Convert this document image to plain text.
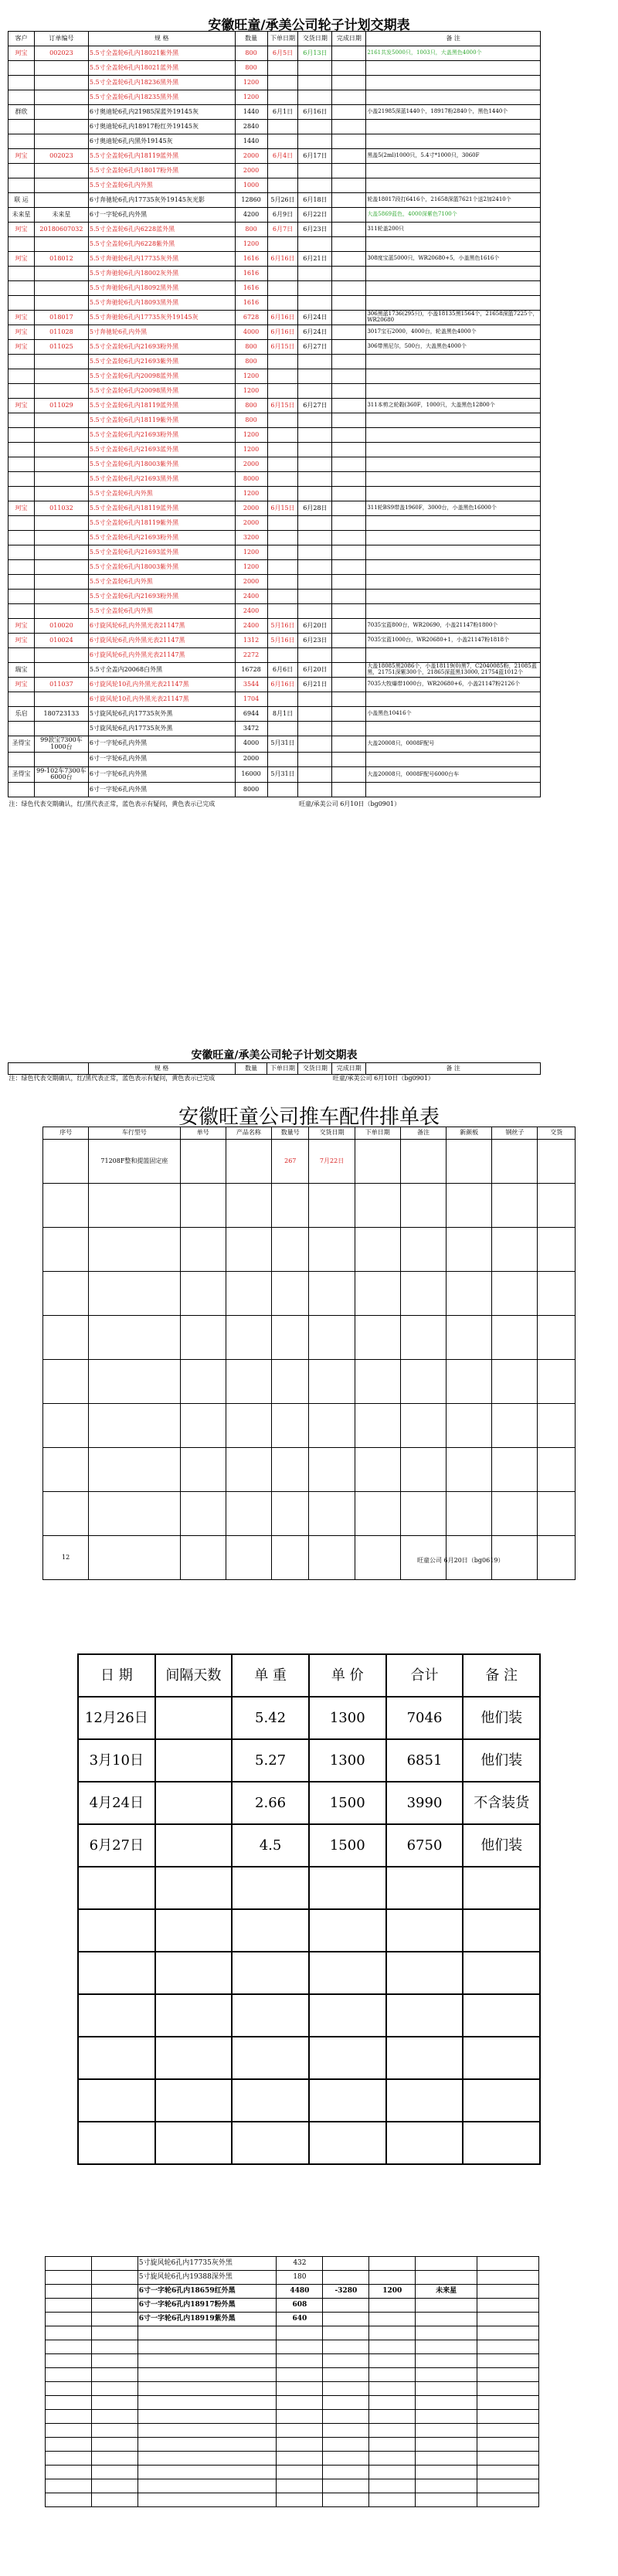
安徽旺童/承美公司轮子计划交期表
客户	订单编号	规 格	数量	下单日期	交货日期	完成日期	备 注
珂宝	002023	5.5寸全盖轮6孔内18021紫外黑	800	6月5日	6月13日		2161共发5000只，1003只，大盖黑色4000个
		5.5寸全盖轮6孔内18021蓝外黑	800				
		5.5寸全盖轮6孔内18236黑外黑	1200				
		5.5寸全盖轮6孔内18235黑外黑	1200				
群欣		6寸奥迪轮6孔内21985深蓝外19145灰	1440	6月1日	6月16日		小盖21985深蓝1440个，18917粉2840个，黑色1440个
		6寸奥迪轮6孔内18917粉红外19145灰	2840				
		6寸奥迪轮6孔内黑外19145灰	1440				
珂宝	002023	5.5寸全盖轮6孔内18119蓝外黑	2000	6月4日	6月17日		黑盖5(2ml)1000只，5.4寸*1000只，3060F
		5.5寸全盖轮6孔内18017粉外黑	2000				
		5.5寸全盖轮6孔内外黑	1000				
联 运		6寸奔驰轮6孔内17735灰外19145灰光影	12860	5月26日	6月18日		轮盖18017段打6416个，21658深篮7621个送2加2410个
未来星	未来星	6寸一字轮6孔内外黑	4200	6月9日	6月22日		大盖5869蓝色，4000深紫色7100个
珂宝	20180607032	5.5寸全盖轮6孔内6228蓝外黑	800	6月7日	6月23日		311轮盖200只
		5.5寸全盖轮6孔内6228紫外黑	1200				
珂宝	018012	5.5寸奔驰轮6孔内17735灰外黑	1616	6月16日	6月21日		308度宝蓝5000只，WR20680+5，小盖黑色1616个
		5.5寸奔驰轮6孔内18002灰外黑	1616				
		5.5寸奔驰轮6孔内18092黑外黑	1616				
		5.5寸奔驰轮6孔内18093黑外黑	1616				
珂宝	018017	5.5寸奔驰轮6孔内17735灰外19145灰	6728	6月16日	6月24日		306黑蓝1736(295只)，小盖18135黑1564个，21658深篮7225个，WR20680
珂宝	011028	5寸奔驰轮6孔内外黑	4000	6月16日	6月24日		3017宝石2000，4000台，轮盖黑色4000个
珂宝	011025	5.5寸全盖轮6孔内21693粉外黑	800	6月15日	6月27日		306带黑尼尔，500台，大盖黑色4000个
		5.5寸全盖轮6孔内21693紫外黑	800				
		5.5寸全盖轮6孔内20098蓝外黑	1200				
		5.5寸全盖轮6孔内20098黑外黑	1200				
珂宝	011029	5.5寸全盖轮6孔内18119蓝外黑	800	6月15日	6月27日		311本剪之轮毂(360F，1000只，大盖黑色12800个
		5.5寸全盖轮6孔内18119紫外黑	800				
		5.5寸全盖轮6孔内21693粉外黑	1200				
		5.5寸全盖轮6孔内21693蓝外黑	1200				
		5.5寸全盖轮6孔内18003紫外黑	2000				
		5.5寸全盖轮6孔内21693黑外黑	8000				
		5.5寸全盖轮6孔内外黑	1200				
珂宝	011032	5.5寸全盖轮6孔内18119蓝外黑	2000	6月15日	6月28日		311轮BS9带盖1960F，3000台，小盖黑色16000个
		5.5寸全盖轮6孔内18119紫外黑	2000				
		5.5寸全盖轮6孔内21693粉外黑	3200				
		5.5寸全盖轮6孔内21693蓝外黑	1200				
		5.5寸全盖轮6孔内18003紫外黑	1200				
		5.5寸全盖轮6孔内外黑	2000				
		5.5寸全盖轮6孔内21693粉外黑	2400				
		5.5寸全盖轮6孔内外黑	2400				
珂宝	010020	6寸旋风轮6孔内外黑光表21147黑	2400	5月16日	6月20日		7035宝蓝800台，WR20690，小盖21147粉1800个
珂宝	010024	6寸旋风轮6孔内外黑光表21147黑	1312	5月16日	6月23日		7035宝蓝1000台，WR20680+1，小盖21147粉1818个
		6寸旋风轮6孔内外黑光表21147黑	2272				
瑞宝		5.5寸全盖内20068白外黑	16728	6月6日	6月20日		大盖18085黑2086个，小盖18119(0)黑7，C2040085粉，21085蓝黑，21751深紫300个，21865深蓝黑13000, 21754蓝1012个
珂宝	011037	6寸旋风轮10孔内外黑光表21147黑	3544	6月16日	6月21日		7035大牧爆带1000台，WR20680+6，小盖21147粉2126个
		6寸旋风轮10孔内外黑光表21147黑	1704				
乐启	180723133	5寸旋风轮6孔内17735灰外黑	6944	8月1日			小盖黑色10416个
		5寸旋风轮6孔内17735灰外黑	3472				
圣得宝	99款宝7300车1000台	6寸一字轮6孔内外黑	4000	5月31日			大盖20008只，0008F配号
		6寸一字轮6孔内外黑	2000				
圣得宝	99-102车7300车6000台	6寸一字轮6孔内外黑	16000	5月31日			大盖20008只，0008F配号6000台车
		6寸一字轮6孔内外黑	8000				
注：绿色代表交期确认，红/黑代表正常，蓝色表示有疑问，黄色表示已完成					旺童/承美公司 6月10日（bg0901）		
安徽旺童/承美公司轮子计划交期表						
	规 格	数量	下单日期	交货日期	完成日期	备 注
注：绿色代表交期确认，红/黑代表正常，蓝色表示有疑问，黄色表示已完成					旺童/承美公司 6月10日（bg0901）	
安徽旺童公司推车配件排单表
序号	车行型号	单号	产品名称	数量号	交货日期	下单日期	备注	新颜板	钢丝子	交货
	71208F整和提篮固定座			267	7月22日					

12											旺童公司 6月20日（bg0619）
日 期	间隔天数	单 重	单 价	合计	备 注
12月26日		5.42	1300	7046	他们装
3月10日		5.27	1300	6851	他们装
4月24日		2.66	1500	3990	不含装货
6月27日		4.5	1500	6750	他们装

		5寸旋风轮6孔内17735灰外黑	432				
		5寸旋风轮6孔内19388深外黑	180				
		6寸一字轮6孔内18659红外黑	4480	-3280	1200	未来星	
		6寸一字轮6孔内18917粉外黑	608				
		6寸一字轮6孔内18919紫外黑	640				
